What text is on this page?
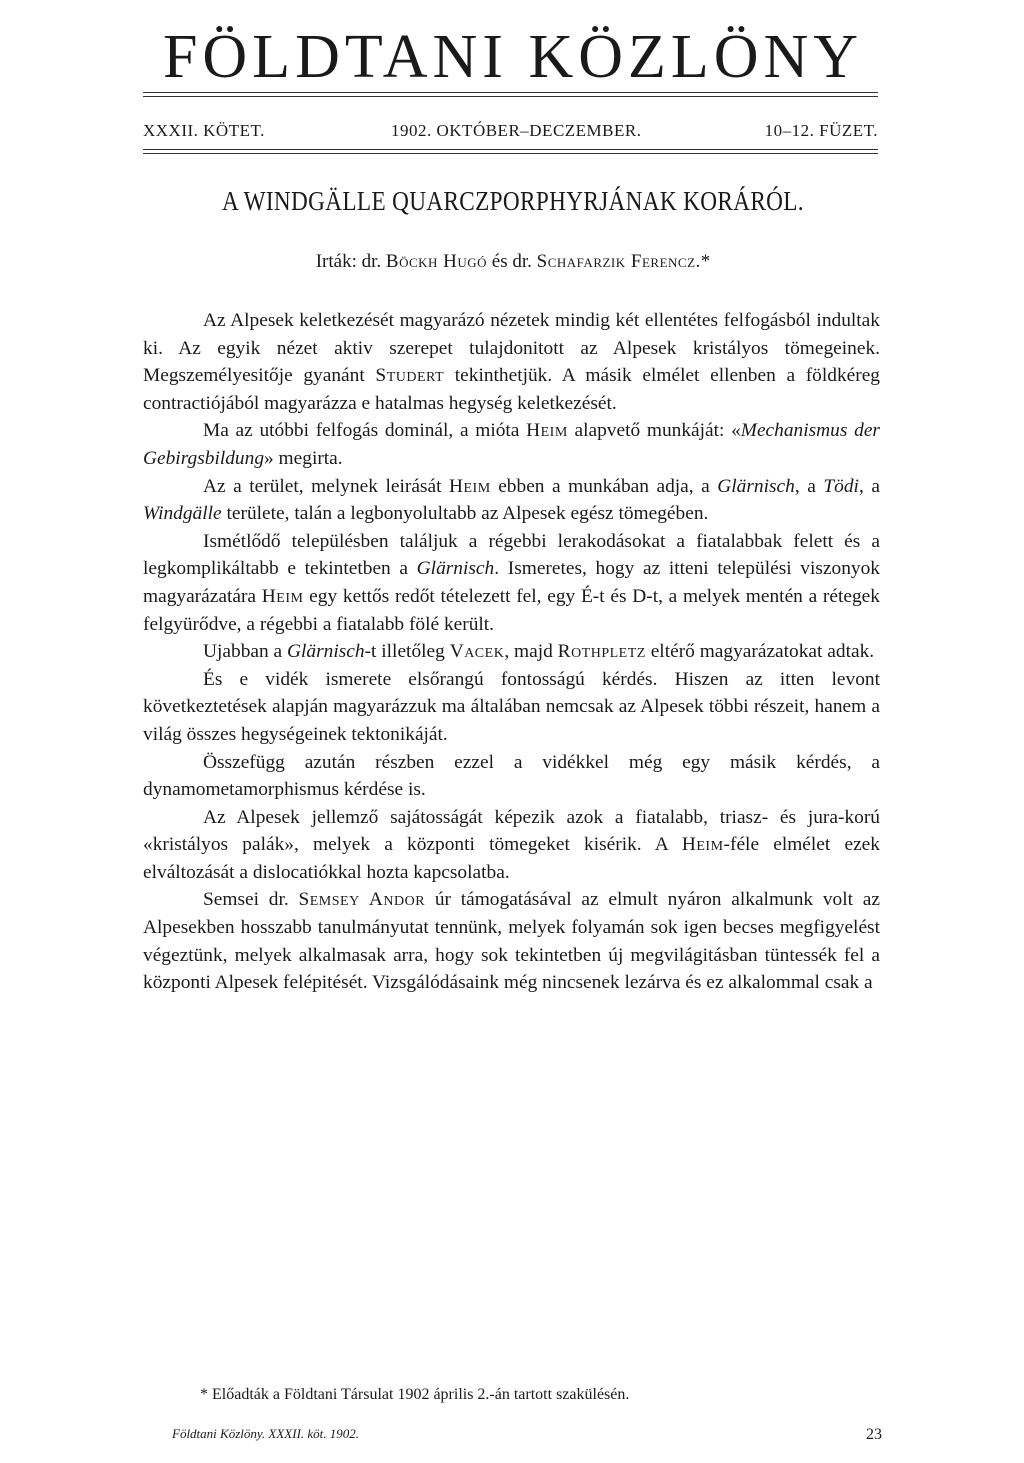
FÖLDTANI KÖZLÖNY
XXXII. KÖTET.	1902. OKTÓBER–DECZEMBER.	10–12. FÜZET.
A WINDGÄLLE QUARCZPORPHYRJÁNAK KORÁRÓL.
Irták: dr. Böckh Hugó és dr. Schafarzik Ferencz.*

Az Alpesek keletkezését magyarázó nézetek mindig két ellentétes felfogásból indultak ki. Az egyik nézet aktiv szerepet tulajdonitott az Alpesek kristályos tömegeinek. Megszemélyesitője gyanánt Studert tekinthetjük. A másik elmélet ellenben a földkéreg contractiójából magyarázza e hatalmas hegység keletkezését.

Ma az utóbbi felfogás dominál, a mióta Heim alapvető munkáját: «Mechanismus der Gebirgsbildung» megirta.

Az a terület, melynek leirását Heim ebben a munkában adja, a Glärnisch, a Tödi, a Windgälle területe, talán a legbonyolultabb az Alpesek egész tömegében.

Ismétlődő településben találjuk a régebbi lerakodásokat a fiatalabbak felett és a legkomplikáltabb e tekintetben a Glärnisch. Ismeretes, hogy az itteni települési viszonyok magyarázatára Heim egy kettős redőt tételezett fel, egy É-t és D-t, a melyek mentén a rétegek felgyürődve, a régebbi a fiatalabb fölé került.

Ujabban a Glärnisch-t illetőleg Vacek, majd Rothpletz eltérő magyarázatokat adtak.

És e vidék ismerete elsőrangú fontosságú kérdés. Hiszen az itten levont következtetések alapján magyarázzuk ma általában nemcsak az Alpesek többi részeit, hanem a világ összes hegységeinek tektonikáját.

Összefügg azután részben ezzel a vidékkel még egy másik kérdés, a dynamometamorphismus kérdése is.

Az Alpesek jellemző sajátosságát képezik azok a fiatalabb, triasz- és jura-korú «kristályos palák», melyek a központi tömegeket kisérik. A Heim-féle elmélet ezek elváltozását a dislocatiókkal hozta kapcsolatba.

Semsei dr. Semsey Andor úr támogatásával az elmult nyáron alkalmunk volt az Alpesekben hosszabb tanulmányutat tennünk, melyek folyamán sok igen becses megfigyelést végeztünk, melyek alkalmasak arra, hogy sok tekintetben új megvilágitásban tüntessék fel a központi Alpesek felépitését. Vizsgálódásaink még nincsenek lezárva és ez alkalommal csak a

* Előadták a Földtani Társulat 1902 április 2.-án tartott szakülésén.
Földtani Közlöny. XXXII. köt. 1902.	23
